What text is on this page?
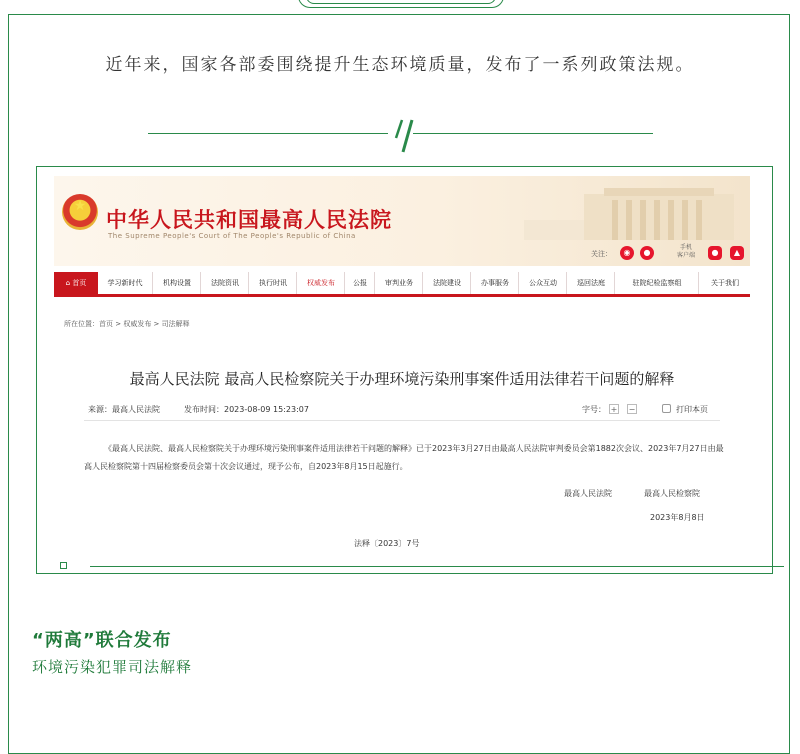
近年来，国家各部委围绕提升生态环境质量，发布了一系列政策法规。
★
中华人民共和国最高人民法院
The Supreme People's Court of The People's Republic of China
关注：	◉	●
手机
客户端	●	▲
⌂ 首页	学习新时代	机构设置	法院资讯	执行时讯	权威发布	公报	审判业务	法院建设	办事服务	公众互动	巡回法庭	驻院纪检监察组	关于我们
所在位置：首页 > 权威发布 > 司法解释
最高人民法院 最高人民检察院关于办理环境污染刑事案件适用法律若干问题的解释
来源：最高人民法院	发布时间：2023-08-09 15:23:07	字号： + −	打印本页
《最高人民法院、最高人民检察院关于办理环境污染刑事案件适用法律若干问题的解释》已于2023年3月27日由最高人民法院审判委员会第1882次会议、2023年7月27日由最高人民检察院第十四届检察委员会第十次会议通过，现予公布，自2023年8月15日起施行。
最高人民法院	最高人民检察院
2023年8月8日
法释〔2023〕7号
“两高”联合发布
环境污染犯罪司法解释
